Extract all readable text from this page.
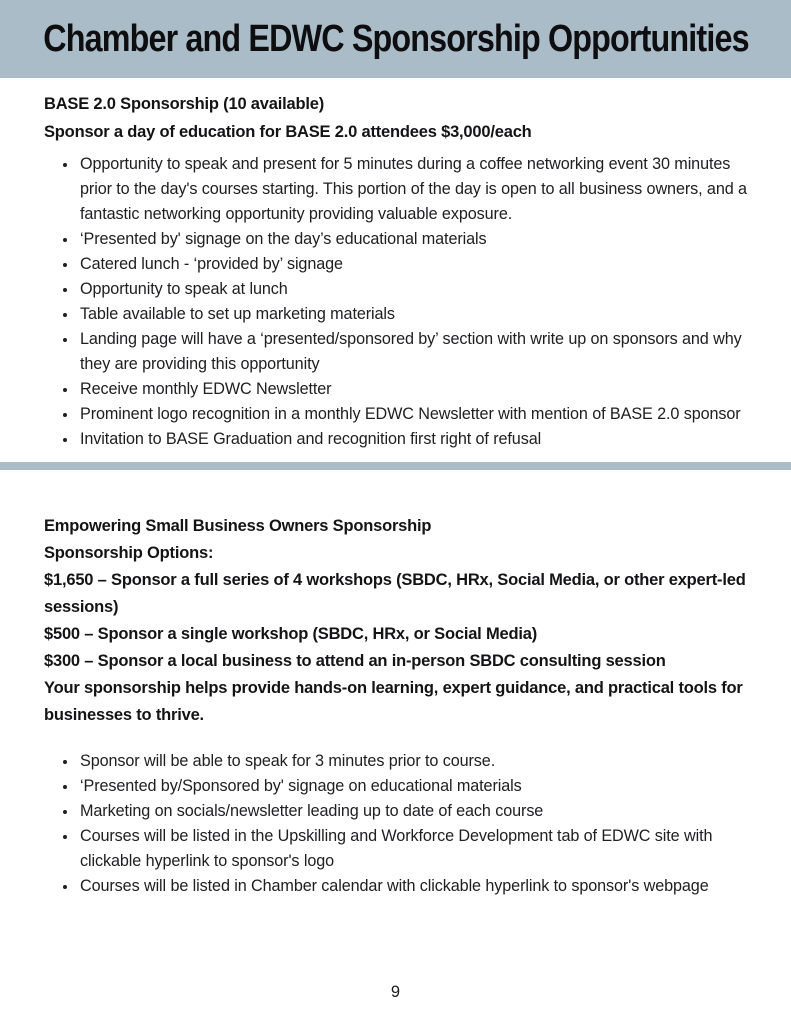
Chamber and EDWC Sponsorship Opportunities

BASE 2.0 Sponsorship (10 available)

Sponsor a day of education for BASE 2.0 attendees $3,000/each

• Opportunity to speak and present for 5 minutes during a coffee networking event 30 minutes prior to the day's courses starting. This portion of the day is open to all business owners, and a fantastic networking opportunity providing valuable exposure.
• ‘Presented by' signage on the day’s educational materials
• Catered lunch - ‘provided by’ signage
• Opportunity to speak at lunch
• Table available to set up marketing materials
• Landing page will have a ‘presented/sponsored by’ section with write up on sponsors and why they are providing this opportunity
• Receive monthly EDWC Newsletter
• Prominent logo recognition in a monthly EDWC Newsletter with mention of BASE 2.0 sponsor
• Invitation to BASE Graduation and recognition first right of refusal

Empowering Small Business Owners Sponsorship

Sponsorship Options:

$1,650 – Sponsor a full series of 4 workshops (SBDC, HRx, Social Media, or other expert-led sessions)

$500 – Sponsor a single workshop (SBDC, HRx, or Social Media)

$300 – Sponsor a local business to attend an in-person SBDC consulting session

Your sponsorship helps provide hands-on learning, expert guidance, and practical tools for businesses to thrive.

• Sponsor will be able to speak for 3 minutes prior to course.
• ‘Presented by/Sponsored by' signage on educational materials
• Marketing on socials/newsletter leading up to date of each course
• Courses will be listed in the Upskilling and Workforce Development tab of EDWC site with clickable hyperlink to sponsor's logo
• Courses will be listed in Chamber calendar with clickable hyperlink to sponsor's webpage
9
